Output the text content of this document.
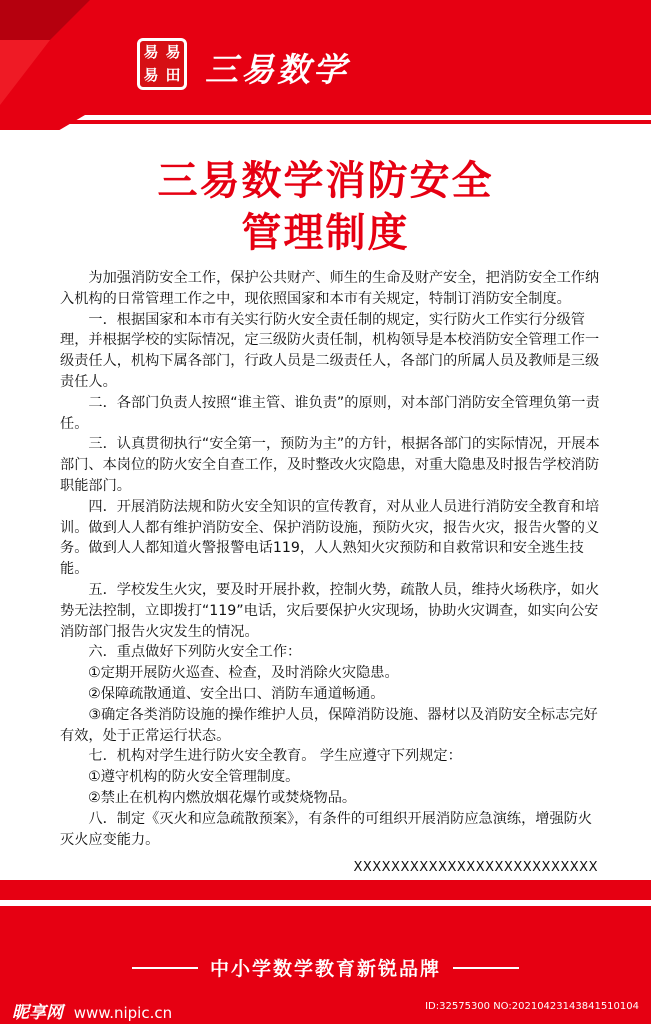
易 易
易 田 三易数学
三易数学消防安全
管理制度

为加强消防安全工作，保护公共财产、师生的生命及财产安全，把消防安全工作纳入机构的日常管理工作之中，现依照国家和本市有关规定，特制订消防安全制度。

一．根据国家和本市有关实行防火安全责任制的规定，实行防火工作实行分级管理，并根据学校的实际情况，定三级防火责任制，机构领导是本校消防安全管理工作一级责任人，机构下属各部门，行政人员是二级责任人，各部门的所属人员及教师是三级责任人。

二．各部门负责人按照“谁主管、谁负责”的原则，对本部门消防安全管理负第一责任。

三．认真贯彻执行“安全第一，预防为主”的方针，根据各部门的实际情况，开展本部门、本岗位的防火安全自查工作，及时整改火灾隐患，对重大隐患及时报告学校消防职能部门。

四．开展消防法规和防火安全知识的宣传教育，对从业人员进行消防安全教育和培训。做到人人都有维护消防安全、保护消防设施，预防火灾，报告火灾，报告火警的义务。做到人人都知道火警报警电话119，人人熟知火灾预防和自救常识和安全逃生技能。

五．学校发生火灾，要及时开展扑救，控制火势，疏散人员，维持火场秩序，如火势无法控制，立即拨打“119”电话，灾后要保护火灾现场，协助火灾调查，如实向公安消防部门报告火灾发生的情况。

六．重点做好下列防火安全工作：

①定期开展防火巡查、检查，及时消除火灾隐患。

②保障疏散通道、安全出口、消防车通道畅通。

③确定各类消防设施的操作维护人员，保障消防设施、器材以及消防安全标志完好有效，处于正常运行状态。

七．机构对学生进行防火安全教育。 学生应遵守下列规定：

①遵守机构的防火安全管理制度。

②禁止在机构内燃放烟花爆竹或焚烧物品。

八．制定《灭火和应急疏散预案》，有条件的可组织开展消防应急演练，增强防火灭火应变能力。

XXXXXXXXXXXXXXXXXXXXXXXXXX
中小学数学教育新锐品牌
昵享网 www.nipic.cn	ID:32575300 NO:20210423143841510104
